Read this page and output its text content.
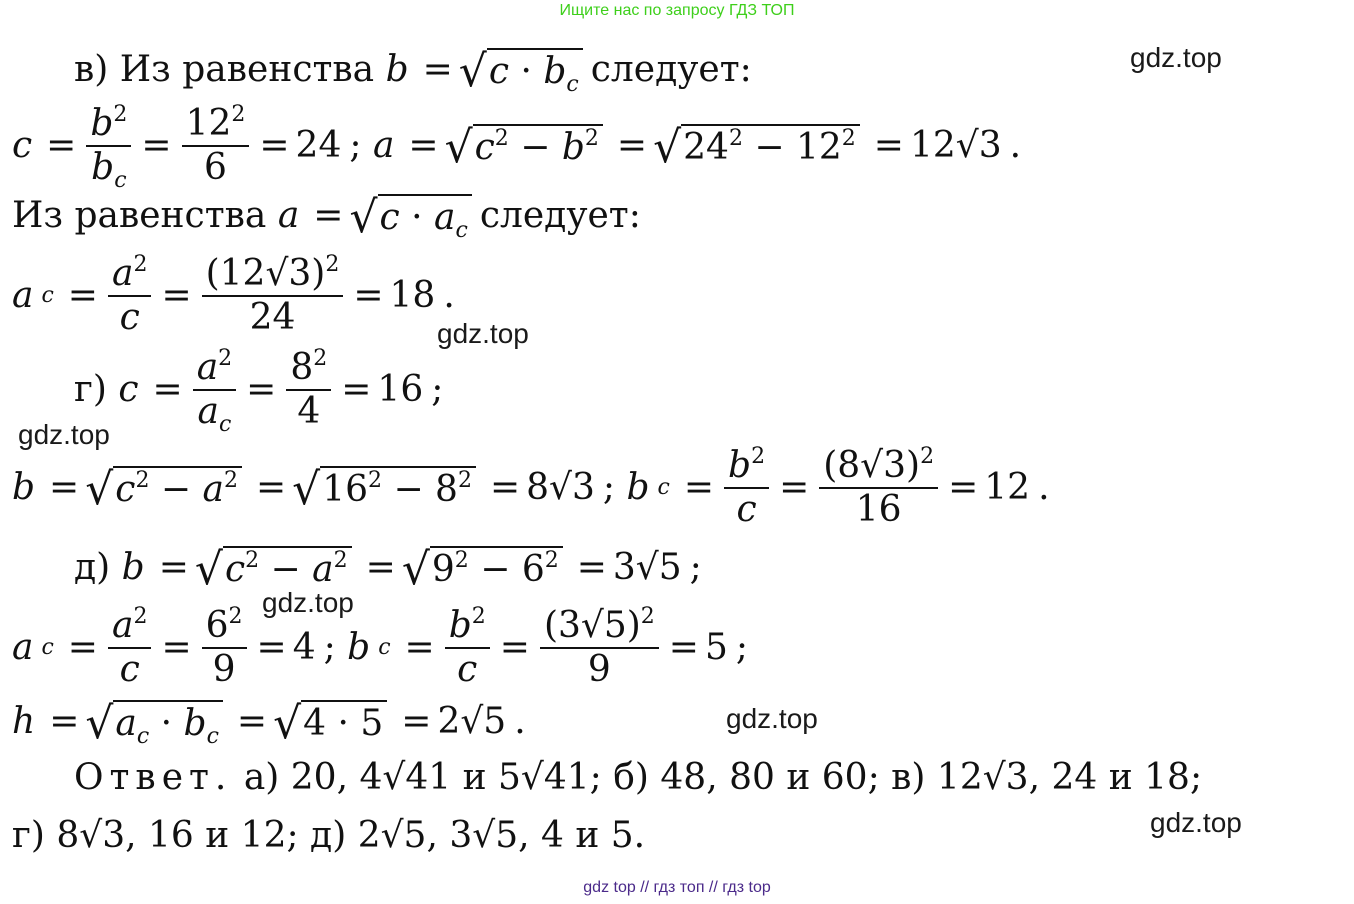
Ищите нас по запросу ГДЗ ТОП
gdz.top
gdz.top
gdz.top
gdz.top
gdz.top
gdz.top
в)
Из равенства
b = √ $c \cdot b_c$ следует:
$c = \frac{b^2}{b_c} = \frac{12^2}{6} = 24$ ; a = √ $c^2 - b^2$ = √ $24^2 - 12^2 = 12√3$ .
Из равенства
a = √ $c \cdot a_c$ следует:
a $c = \frac{a^2}{c} = \frac{(12√3)^2}{24} = 18$ .
г)
$c = \frac{a^2}{a_c} = \frac{8^2}{4} = 16$ ;
b = √ $c^2 - a^2$ = √ $16^2 - 8^2 = 8√3$ ; b $c = \frac{b^2}{c} = \frac{(8√3)^2}{16} = 12$ .
д)
b = √ $c^2 - a^2$ = √ $9^2 - 6^2 = 3√5$ ;
a $c = \frac{a^2}{c} = \frac{6^2}{9} = 4$ ; b $c = \frac{b^2}{c} = \frac{(3√5)^2}{9} = 5$ ;
h = √ $a_c \cdot b_c$ = √ 4 · 5 = 2√5 .
Ответ.
а) 20, 4√41 и 5√41; б) 48, 80 и 60; в) 12√3, 24 и 18;
г) 8√3, 16 и 12; д) 2√5, 3√5, 4 и 5.
gdz top // гдз топ // гдз top
